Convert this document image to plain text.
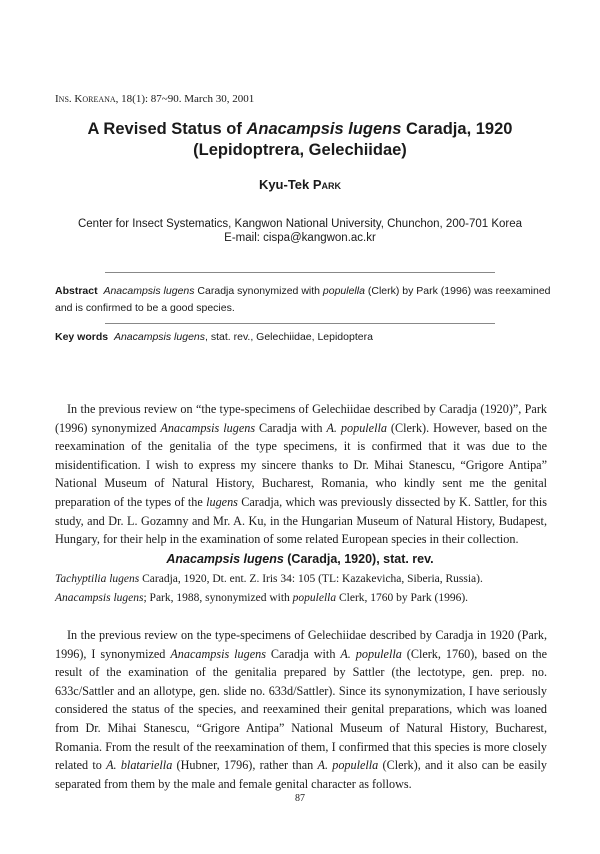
Ins. Koreana, 18(1): 87~90. March 30, 2001
A Revised Status of Anacampsis lugens Caradja, 1920
(Lepidoptrera, Gelechiidae)
Kyu-Tek Park
Center for Insect Systematics, Kangwon National University, Chunchon, 200-701 Korea
E-mail: cispa@kangwon.ac.kr
Abstract Anacampsis lugens Caradja synonymized with populella (Clerk) by Park (1996) was reexamined and is confirmed to be a good species.
Key words Anacampsis lugens, stat. rev., Gelechiidae, Lepidoptera
In the previous review on “the type-specimens of Gelechiidae described by Caradja (1920)”, Park (1996) synonymized Anacampsis lugens Caradja with A. populella (Clerk). However, based on the reexamination of the genitalia of the type specimens, it is confirmed that it was due to the misidentification. I wish to express my sincere thanks to Dr. Mihai Stanescu, “Grigore Antipa” National Museum of Natural History, Bucharest, Romania, who kindly sent me the genital preparation of the types of the lugens Caradja, which was previously dissected by K. Sattler, for this study, and Dr. L. Gozamny and Mr. A. Ku, in the Hungarian Museum of Natural History, Budapest, Hungary, for their help in the examination of some related European species in their collection.
Anacampsis lugens (Caradja, 1920), stat. rev.
Tachyptilia lugens Caradja, 1920, Dt. ent. Z. Iris 34: 105 (TL: Kazakevicha, Siberia, Russia).
Anacampsis lugens; Park, 1988, synonymized with populella Clerk, 1760 by Park (1996).
In the previous review on the type-specimens of Gelechiidae described by Caradja in 1920 (Park, 1996), I synonymized Anacampsis lugens Caradja with A. populella (Clerk, 1760), based on the result of the examination of the genitalia prepared by Sattler (the lectotype, gen. prep. no. 633c/Sattler and an allotype, gen. slide no. 633d/Sattler). Since its synonymization, I have seriously considered the status of the species, and reexamined their genital preparations, which was loaned from Dr. Mihai Stanescu, “Grigore Antipa” National Museum of Natural History, Bucharest, Romania. From the result of the reexamination of them, I confirmed that this species is more closely related to A. blatariella (Hubner, 1796), rather than A. populella (Clerk), and it also can be easily separated from them by the male and female genital character as follows.
87
